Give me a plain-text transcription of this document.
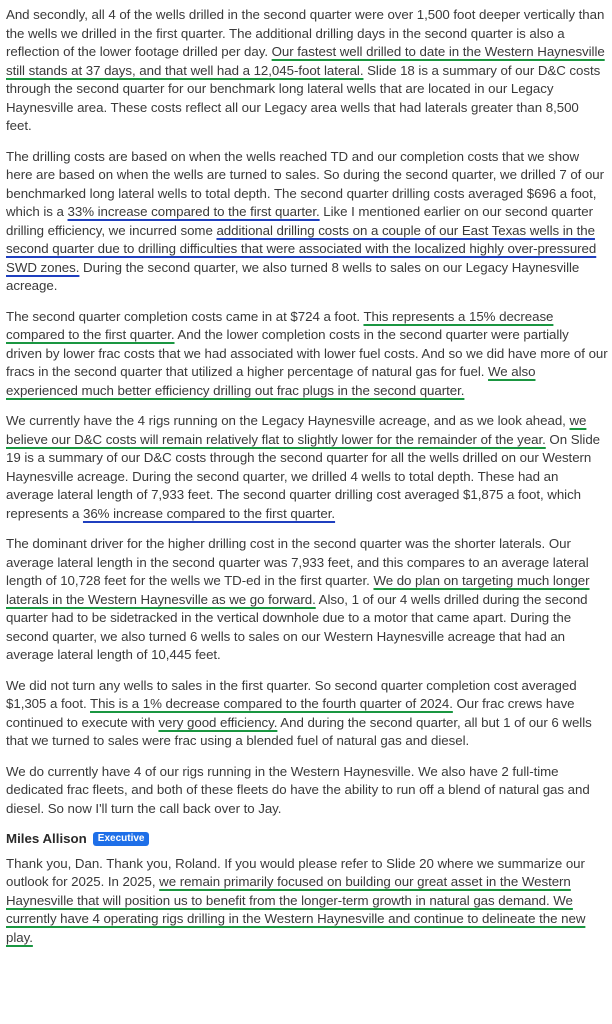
And secondly, all 4 of the wells drilled in the second quarter were over 1,500 foot deeper vertically than the wells we drilled in the first quarter. The additional drilling days in the second quarter is also a reflection of the lower footage drilled per day. Our fastest well drilled to date in the Western Haynesville still stands at 37 days, and that well had a 12,045-foot lateral. Slide 18 is a summary of our D&C costs through the second quarter for our benchmark long lateral wells that are located in our Legacy Haynesville area. These costs reflect all our Legacy area wells that had laterals greater than 8,500 feet.

The drilling costs are based on when the wells reached TD and our completion costs that we show here are based on when the wells are turned to sales. So during the second quarter, we drilled 7 of our benchmarked long lateral wells to total depth. The second quarter drilling costs averaged $696 a foot, which is a 33% increase compared to the first quarter. Like I mentioned earlier on our second quarter drilling efficiency, we incurred some additional drilling costs on a couple of our East Texas wells in the second quarter due to drilling difficulties that were associated with the localized highly over-pressured SWD zones. During the second quarter, we also turned 8 wells to sales on our Legacy Haynesville acreage.

The second quarter completion costs came in at $724 a foot. This represents a 15% decrease compared to the first quarter. And the lower completion costs in the second quarter were partially driven by lower frac costs that we had associated with lower fuel costs. And so we did have more of our fracs in the second quarter that utilized a higher percentage of natural gas for fuel. We also experienced much better efficiency drilling out frac plugs in the second quarter.

We currently have the 4 rigs running on the Legacy Haynesville acreage, and as we look ahead, we believe our D&C costs will remain relatively flat to slightly lower for the remainder of the year. On Slide 19 is a summary of our D&C costs through the second quarter for all the wells drilled on our Western Haynesville acreage. During the second quarter, we drilled 4 wells to total depth. These had an average lateral length of 7,933 feet. The second quarter drilling cost averaged $1,875 a foot, which represents a 36% increase compared to the first quarter.

The dominant driver for the higher drilling cost in the second quarter was the shorter laterals. Our average lateral length in the second quarter was 7,933 feet, and this compares to an average lateral length of 10,728 feet for the wells we TD-ed in the first quarter. We do plan on targeting much longer laterals in the Western Haynesville as we go forward. Also, 1 of our 4 wells drilled during the second quarter had to be sidetracked in the vertical downhole due to a motor that came apart. During the second quarter, we also turned 6 wells to sales on our Western Haynesville acreage that had an average lateral length of 10,445 feet.

We did not turn any wells to sales in the first quarter. So second quarter completion cost averaged $1,305 a foot. This is a 1% decrease compared to the fourth quarter of 2024. Our frac crews have continued to execute with very good efficiency. And during the second quarter, all but 1 of our 6 wells that we turned to sales were frac using a blended fuel of natural gas and diesel.

We do currently have 4 of our rigs running in the Western Haynesville. We also have 2 full-time dedicated frac fleets, and both of these fleets do have the ability to run off a blend of natural gas and diesel. So now I'll turn the call back over to Jay.

Miles Allison	Executive

Thank you, Dan. Thank you, Roland. If you would please refer to Slide 20 where we summarize our outlook for 2025. In 2025, we remain primarily focused on building our great asset in the Western Haynesville that will position us to benefit from the longer-term growth in natural gas demand. We currently have 4 operating rigs drilling in the Western Haynesville and continue to delineate the new play.
